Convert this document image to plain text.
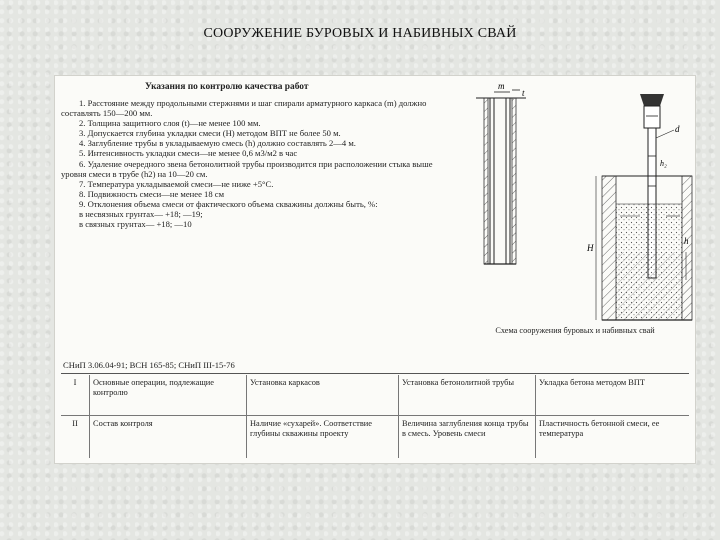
СООРУЖЕНИЕ БУРОВЫХ И НАБИВНЫХ СВАЙ
Указания по контролю качества работ
1. Расстояние между продольными стержнями и шаг спирали арматурного каркаса (m) должно составлять 150—200 мм.
2. Толщина защитного слоя (t)—не менее 100 мм.
3. Допускается глубина укладки смеси (H) методом ВПТ не более 50 м.
4. Заглубление трубы в укладываемую смесь (h) должно составлять 2—4 м.
5. Интенсивность укладки смеси—не менее 0,6 м3/м2 в час
6. Удаление очередного звена бетонолитной трубы производится при расположении стыка выше уровня смеси в трубе (h2) на 10—20 см.
7. Температура укладываемой смеси—не ниже +5°С.
8. Подвижность смеси—не менее 18 см
9. Отклонения объема смеси от фактического объема скважины должны быть, %:
в несвязных грунтах— +18; —19;
в связных грунтах— +18; —10
m
t
d
h₂
H
h
Схема сооружения буровых и набивных свай
СНиП 3.06.04-91; ВСН 165-85; СНиП III-15-76
I	Основные операции, подлежащие контролю	Установка каркасов	Установка бетонолитной трубы	Укладка бетона методом ВПТ
II	Состав контроля	Наличие «сухарей». Соответствие глубины скважины проекту	Величина заглубления конца трубы в смесь. Уровень смеси	Пластичность бетонной смеси, ее температура
